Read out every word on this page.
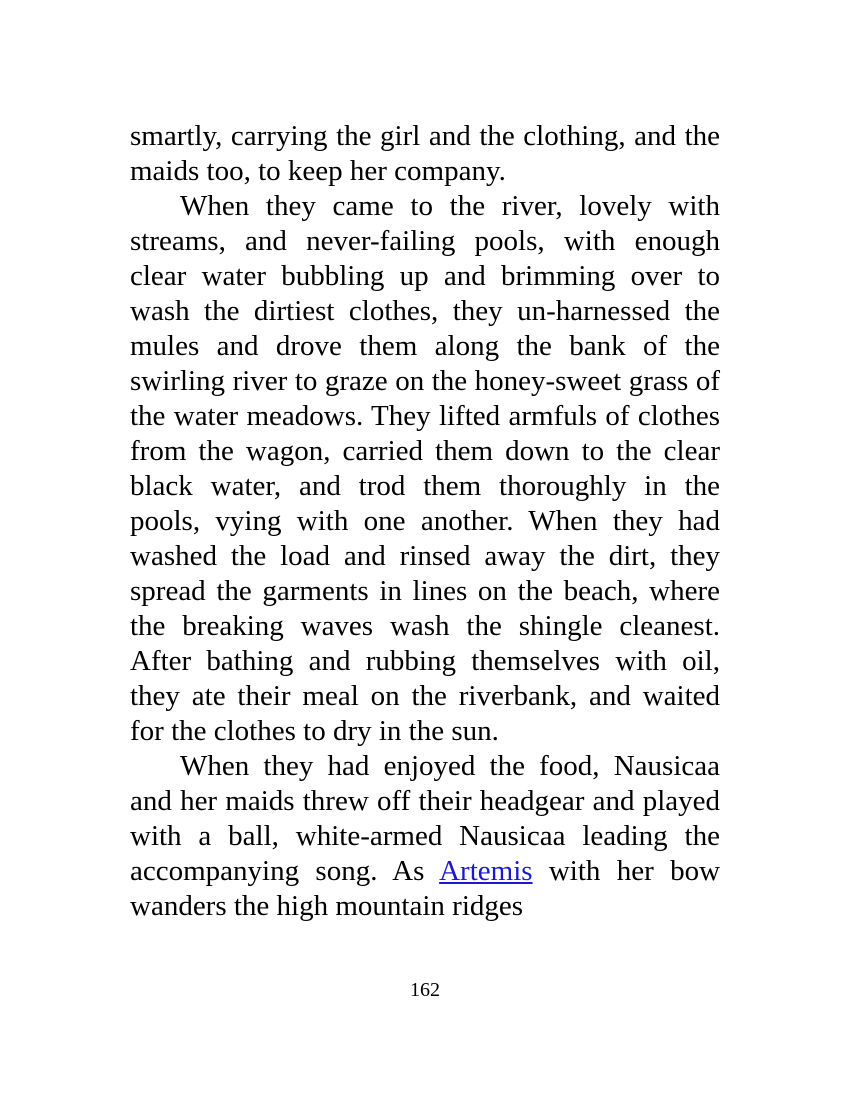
smartly, carrying the girl and the clothing, and the maids too, to keep her company.

When they came to the river, lovely with streams, and never-failing pools, with enough clear water bubbling up and brimming over to wash the dirtiest clothes, they un-harnessed the mules and drove them along the bank of the swirling river to graze on the honey-sweet grass of the water meadows. They lifted armfuls of clothes from the wagon, carried them down to the clear black water, and trod them thoroughly in the pools, vying with one another. When they had washed the load and rinsed away the dirt, they spread the garments in lines on the beach, where the breaking waves wash the shingle cleanest. After bathing and rubbing themselves with oil, they ate their meal on the riverbank, and waited for the clothes to dry in the sun.

When they had enjoyed the food, Nausicaa and her maids threw off their headgear and played with a ball, white-armed Nausicaa leading the accompanying song. As Artemis with her bow wanders the high mountain ridges

162
